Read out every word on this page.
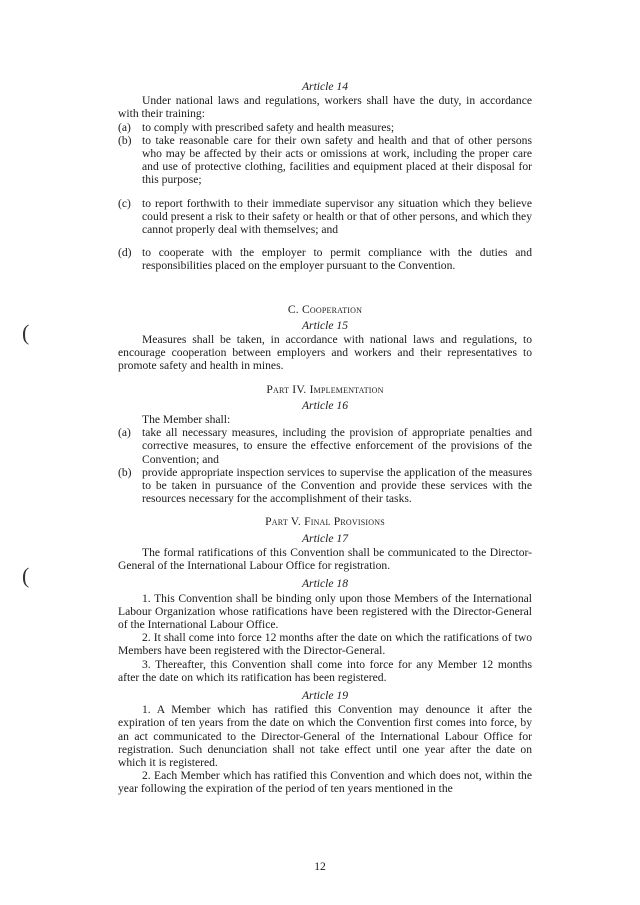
(
(

Article 14

Under national laws and regulations, workers shall have the duty, in accordance with their training:

(a) to comply with prescribed safety and health measures;
(b) to take reasonable care for their own safety and health and that of other persons who may be affected by their acts or omissions at work, including the proper care and use of protective clothing, facilities and equipment placed at their disposal for this purpose;
(c) to report forthwith to their immediate supervisor any situation which they believe could present a risk to their safety or health or that of other persons, and which they cannot properly deal with themselves; and
(d) to cooperate with the employer to permit compliance with the duties and responsibilities placed on the employer pursuant to the Convention.

C. Cooperation

Article 15

Measures shall be taken, in accordance with national laws and regulations, to encourage cooperation between employers and workers and their representatives to promote safety and health in mines.

Part IV. Implementation

Article 16

The Member shall:

(a) take all necessary measures, including the provision of appropriate penalties and corrective measures, to ensure the effective enforcement of the provisions of the Convention; and
(b) provide appropriate inspection services to supervise the application of the measures to be taken in pursuance of the Convention and provide these services with the resources necessary for the accomplishment of their tasks.

Part V. Final Provisions

Article 17

The formal ratifications of this Convention shall be communicated to the Director-General of the International Labour Office for registration.

Article 18

1. This Convention shall be binding only upon those Members of the International Labour Organization whose ratifications have been registered with the Director-General of the International Labour Office.

2. It shall come into force 12 months after the date on which the ratifications of two Members have been registered with the Director-General.

3. Thereafter, this Convention shall come into force for any Member 12 months after the date on which its ratification has been registered.

Article 19

1. A Member which has ratified this Convention may denounce it after the expiration of ten years from the date on which the Convention first comes into force, by an act communicated to the Director-General of the International Labour Office for registration. Such denunciation shall not take effect until one year after the date on which it is registered.

2. Each Member which has ratified this Convention and which does not, within the year following the expiration of the period of ten years mentioned in the

12
